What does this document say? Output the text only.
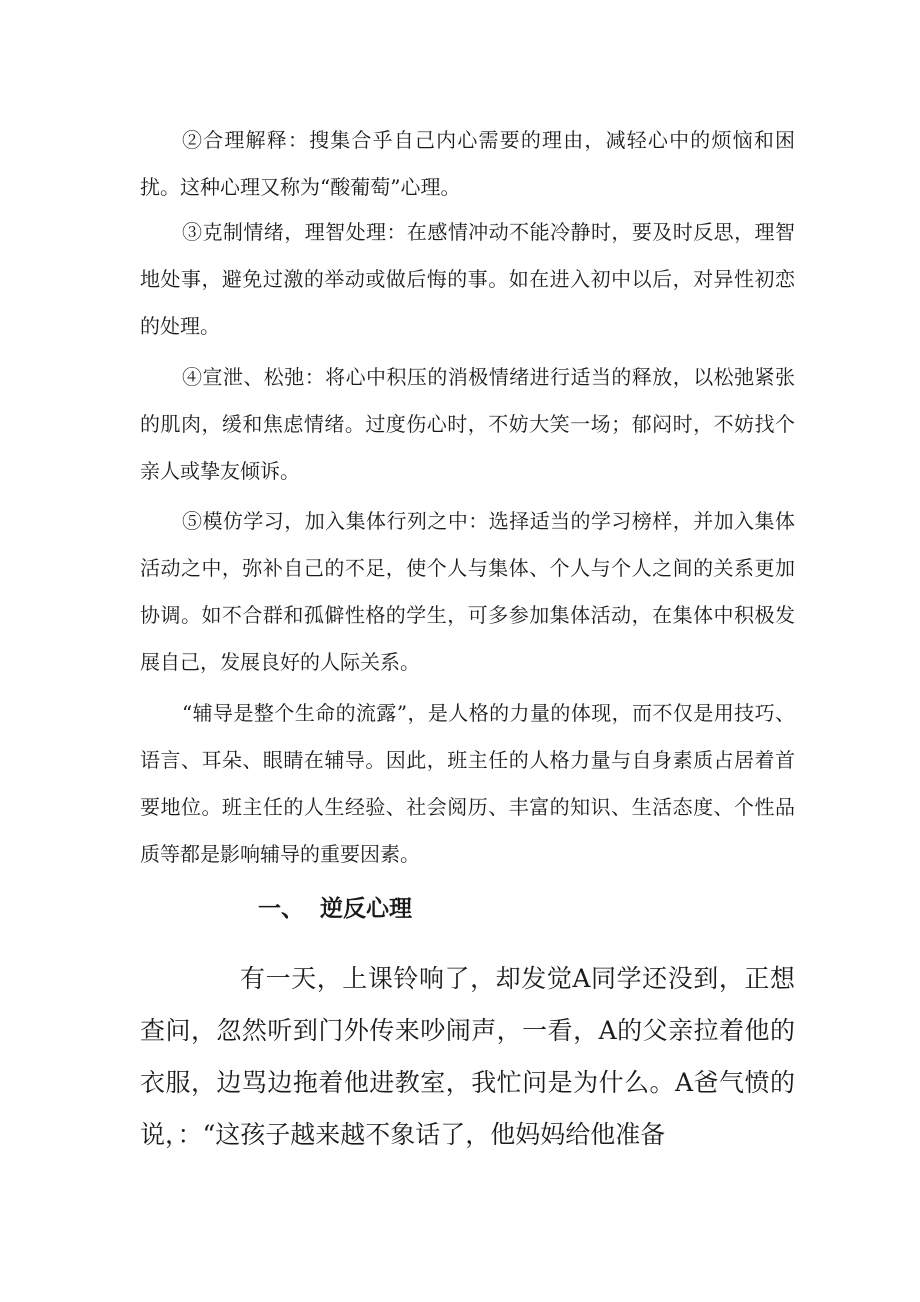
②合理解释：搜集合乎自己内心需要的理由，减轻心中的烦恼和困扰。这种心理又称为“酸葡萄”心理。

③克制情绪，理智处理：在感情冲动不能冷静时，要及时反思，理智地处事，避免过激的举动或做后悔的事。如在进入初中以后，对异性初恋的处理。

④宣泄、松弛：将心中积压的消极情绪进行适当的释放，以松弛紧张的肌肉，缓和焦虑情绪。过度伤心时，不妨大笑一场；郁闷时，不妨找个亲人或挚友倾诉。

⑤模仿学习，加入集体行列之中：选择适当的学习榜样，并加入集体活动之中，弥补自己的不足，使个人与集体、个人与个人之间的关系更加协调。如不合群和孤僻性格的学生，可多参加集体活动，在集体中积极发展自己，发展良好的人际关系。

“辅导是整个生命的流露”，是人格的力量的体现，而不仅是用技巧、语言、耳朵、眼睛在辅导。因此，班主任的人格力量与自身素质占居着首要地位。班主任的人生经验、社会阅历、丰富的知识、生活态度、个性品质等都是影响辅导的重要因素。

一、  逆反心理

有一天，上课铃响了，却发觉A同学还没到，正想查问，忽然听到门外传来吵闹声，一看，A的父亲拉着他的衣服，边骂边拖着他进教室，我忙问是为什么。A爸气愤的说，：“这孩子越来越不象话了，他妈妈给他准备
